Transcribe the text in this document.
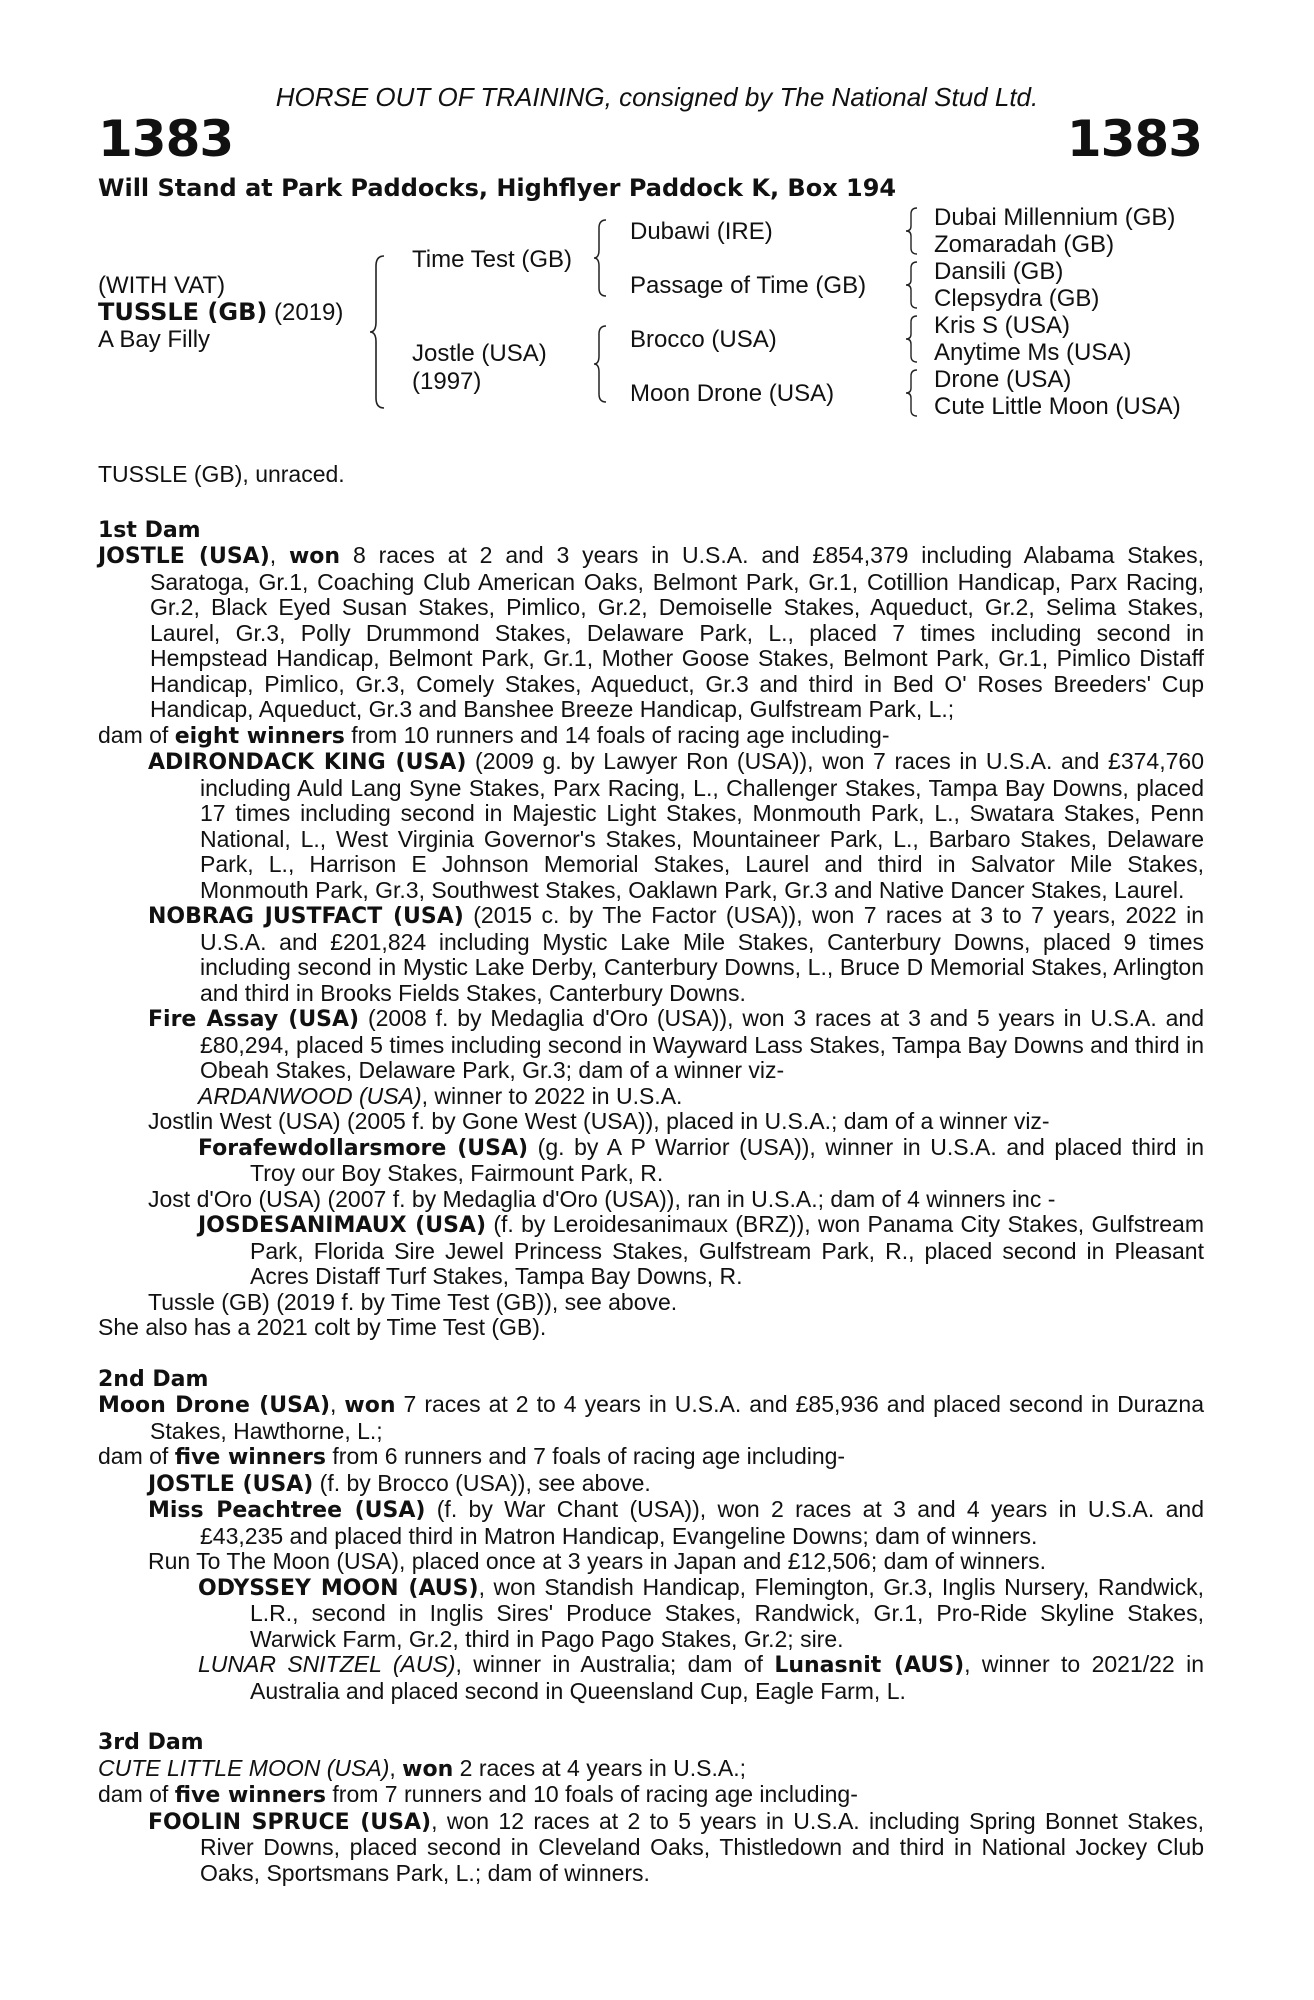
HORSE OUT OF TRAINING, consigned by The National Stud Ltd.
1383	1383
Will Stand at Park Paddocks, Highflyer Paddock K, Box 194
(WITH VAT)
TUSSLE (GB) (2019)
A Bay Filly
Time Test (GB)
Jostle (USA)
(1997)
Dubawi (IRE)
Passage of Time (GB)
Brocco (USA)
Moon Drone (USA)
Dubai Millennium (GB)
Zomaradah (GB)
Dansili (GB)
Clepsydra (GB)
Kris S (USA)
Anytime Ms (USA)
Drone (USA)
Cute Little Moon (USA)

TUSSLE (GB), unraced.

1st Dam

JOSTLE (USA), won 8 races at 2 and 3 years in U.S.A. and £854,379 including Alabama Stakes, Saratoga, Gr.1, Coaching Club American Oaks, Belmont Park, Gr.1, Cotillion Handicap, Parx Racing, Gr.2, Black Eyed Susan Stakes, Pimlico, Gr.2, Demoiselle Stakes, Aqueduct, Gr.2, Selima Stakes, Laurel, Gr.3, Polly Drummond Stakes, Delaware Park, L., placed 7 times including second in Hempstead Handicap, Belmont Park, Gr.1, Mother Goose Stakes, Belmont Park, Gr.1, Pimlico Distaff Handicap, Pimlico, Gr.3, Comely Stakes, Aqueduct, Gr.3 and third in Bed O' Roses Breeders' Cup Handicap, Aqueduct, Gr.3 and Banshee Breeze Handicap, Gulfstream Park, L.;

dam of eight winners from 10 runners and 14 foals of racing age including-

ADIRONDACK KING (USA) (2009 g. by Lawyer Ron (USA)), won 7 races in U.S.A. and £374,760 including Auld Lang Syne Stakes, Parx Racing, L., Challenger Stakes, Tampa Bay Downs, placed 17 times including second in Majestic Light Stakes, Monmouth Park, L., Swatara Stakes, Penn National, L., West Virginia Governor's Stakes, Mountaineer Park, L., Barbaro Stakes, Delaware Park, L., Harrison E Johnson Memorial Stakes, Laurel and third in Salvator Mile Stakes, Monmouth Park, Gr.3, Southwest Stakes, Oaklawn Park, Gr.3 and Native Dancer Stakes, Laurel.

NOBRAG JUSTFACT (USA) (2015 c. by The Factor (USA)), won 7 races at 3 to 7 years, 2022 in U.S.A. and £201,824 including Mystic Lake Mile Stakes, Canterbury Downs, placed 9 times including second in Mystic Lake Derby, Canterbury Downs, L., Bruce D Memorial Stakes, Arlington and third in Brooks Fields Stakes, Canterbury Downs.

Fire Assay (USA) (2008 f. by Medaglia d'Oro (USA)), won 3 races at 3 and 5 years in U.S.A. and £80,294, placed 5 times including second in Wayward Lass Stakes, Tampa Bay Downs and third in Obeah Stakes, Delaware Park, Gr.3; dam of a winner viz-

ARDANWOOD (USA), winner to 2022 in U.S.A.

Jostlin West (USA) (2005 f. by Gone West (USA)), placed in U.S.A.; dam of a winner viz-

Forafewdollarsmore (USA) (g. by A P Warrior (USA)), winner in U.S.A. and placed third in Troy our Boy Stakes, Fairmount Park, R.

Jost d'Oro (USA) (2007 f. by Medaglia d'Oro (USA)), ran in U.S.A.; dam of 4 winners inc -

JOSDESANIMAUX (USA) (f. by Leroidesanimaux (BRZ)), won Panama City Stakes, Gulfstream Park, Florida Sire Jewel Princess Stakes, Gulfstream Park, R., placed second in Pleasant Acres Distaff Turf Stakes, Tampa Bay Downs, R.

Tussle (GB) (2019 f. by Time Test (GB)), see above.

She also has a 2021 colt by Time Test (GB).

2nd Dam

Moon Drone (USA), won 7 races at 2 to 4 years in U.S.A. and £85,936 and placed second in Durazna Stakes, Hawthorne, L.;

dam of five winners from 6 runners and 7 foals of racing age including-

JOSTLE (USA) (f. by Brocco (USA)), see above.

Miss Peachtree (USA) (f. by War Chant (USA)), won 2 races at 3 and 4 years in U.S.A. and £43,235 and placed third in Matron Handicap, Evangeline Downs; dam of winners.

Run To The Moon (USA), placed once at 3 years in Japan and £12,506; dam of winners.

ODYSSEY MOON (AUS), won Standish Handicap, Flemington, Gr.3, Inglis Nursery, Randwick, L.R., second in Inglis Sires' Produce Stakes, Randwick, Gr.1, Pro-Ride Skyline Stakes, Warwick Farm, Gr.2, third in Pago Pago Stakes, Gr.2; sire.

LUNAR SNITZEL (AUS), winner in Australia; dam of Lunasnit (AUS), winner to 2021/22 in Australia and placed second in Queensland Cup, Eagle Farm, L.

3rd Dam

CUTE LITTLE MOON (USA), won 2 races at 4 years in U.S.A.;

dam of five winners from 7 runners and 10 foals of racing age including-

FOOLIN SPRUCE (USA), won 12 races at 2 to 5 years in U.S.A. including Spring Bonnet Stakes, River Downs, placed second in Cleveland Oaks, Thistledown and third in National Jockey Club Oaks, Sportsmans Park, L.; dam of winners.
